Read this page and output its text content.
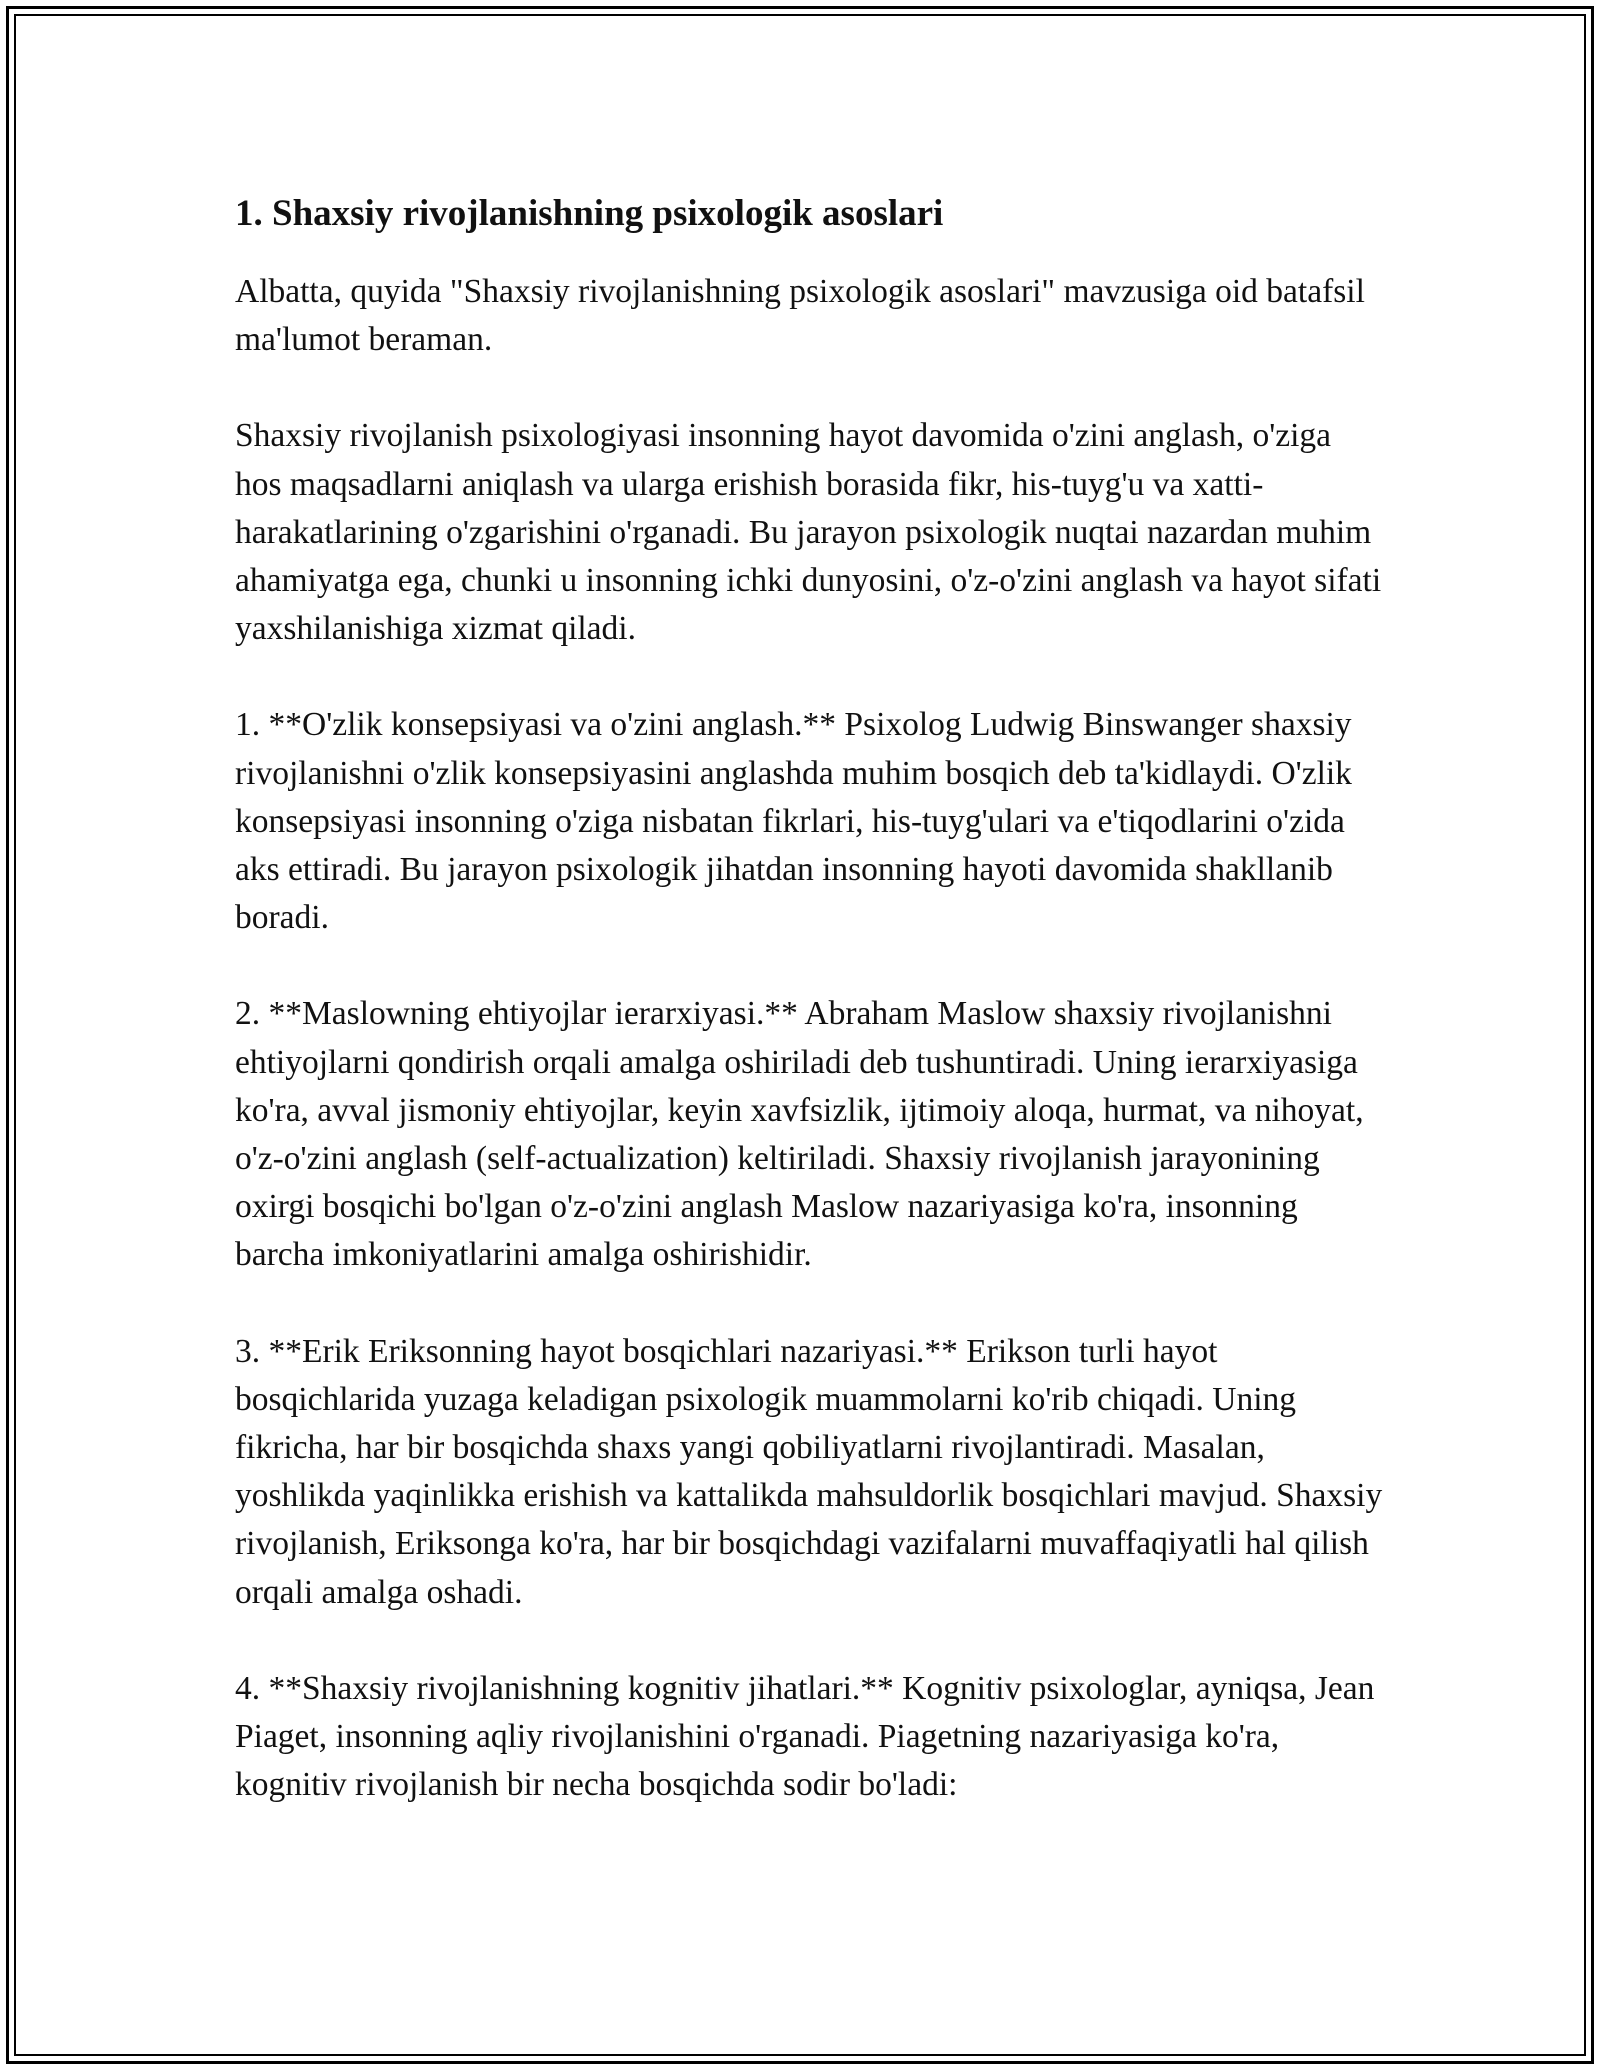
1. Shaxsiy rivojlanishning psixologik asoslari

Albatta, quyida "Shaxsiy rivojlanishning psixologik asoslari" mavzusiga oid batafsil ma'lumot beraman.

Shaxsiy rivojlanish psixologiyasi insonning hayot davomida o'zini anglash, o'ziga hos maqsadlarni aniqlash va ularga erishish borasida fikr, his-tuyg'u va xatti-harakatlarining o'zgarishini o'rganadi. Bu jarayon psixologik nuqtai nazardan muhim ahamiyatga ega, chunki u insonning ichki dunyosini, o'z-o'zini anglash va hayot sifati yaxshilanishiga xizmat qiladi.

1. **O'zlik konsepsiyasi va o'zini anglash.** Psixolog Ludwig Binswanger shaxsiy rivojlanishni o'zlik konsepsiyasini anglashda muhim bosqich deb ta'kidlaydi. O'zlik konsepsiyasi insonning o'ziga nisbatan fikrlari, his-tuyg'ulari va e'tiqodlarini o'zida aks ettiradi. Bu jarayon psixologik jihatdan insonning hayoti davomida shakllanib boradi.

2. **Maslowning ehtiyojlar ierarxiyasi.** Abraham Maslow shaxsiy rivojlanishni ehtiyojlarni qondirish orqali amalga oshiriladi deb tushuntiradi. Uning ierarxiyasiga ko'ra, avval jismoniy ehtiyojlar, keyin xavfsizlik, ijtimoiy aloqa, hurmat, va nihoyat, o'z-o'zini anglash (self-actualization) keltiriladi. Shaxsiy rivojlanish jarayonining oxirgi bosqichi bo'lgan o'z-o'zini anglash Maslow nazariyasiga ko'ra, insonning barcha imkoniyatlarini amalga oshirishidir.

3. **Erik Eriksonning hayot bosqichlari nazariyasi.** Erikson turli hayot bosqichlarida yuzaga keladigan psixologik muammolarni ko'rib chiqadi. Uning fikricha, har bir bosqichda shaxs yangi qobiliyatlarni rivojlantiradi. Masalan, yoshlikda yaqinlikka erishish va kattalikda mahsuldorlik bosqichlari mavjud. Shaxsiy rivojlanish, Eriksonga ko'ra, har bir bosqichdagi vazifalarni muvaffaqiyatli hal qilish orqali amalga oshadi.

4. **Shaxsiy rivojlanishning kognitiv jihatlari.** Kognitiv psixologlar, ayniqsa, Jean Piaget, insonning aqliy rivojlanishini o'rganadi. Piagetning nazariyasiga ko'ra, kognitiv rivojlanish bir necha bosqichda sodir bo'ladi:
